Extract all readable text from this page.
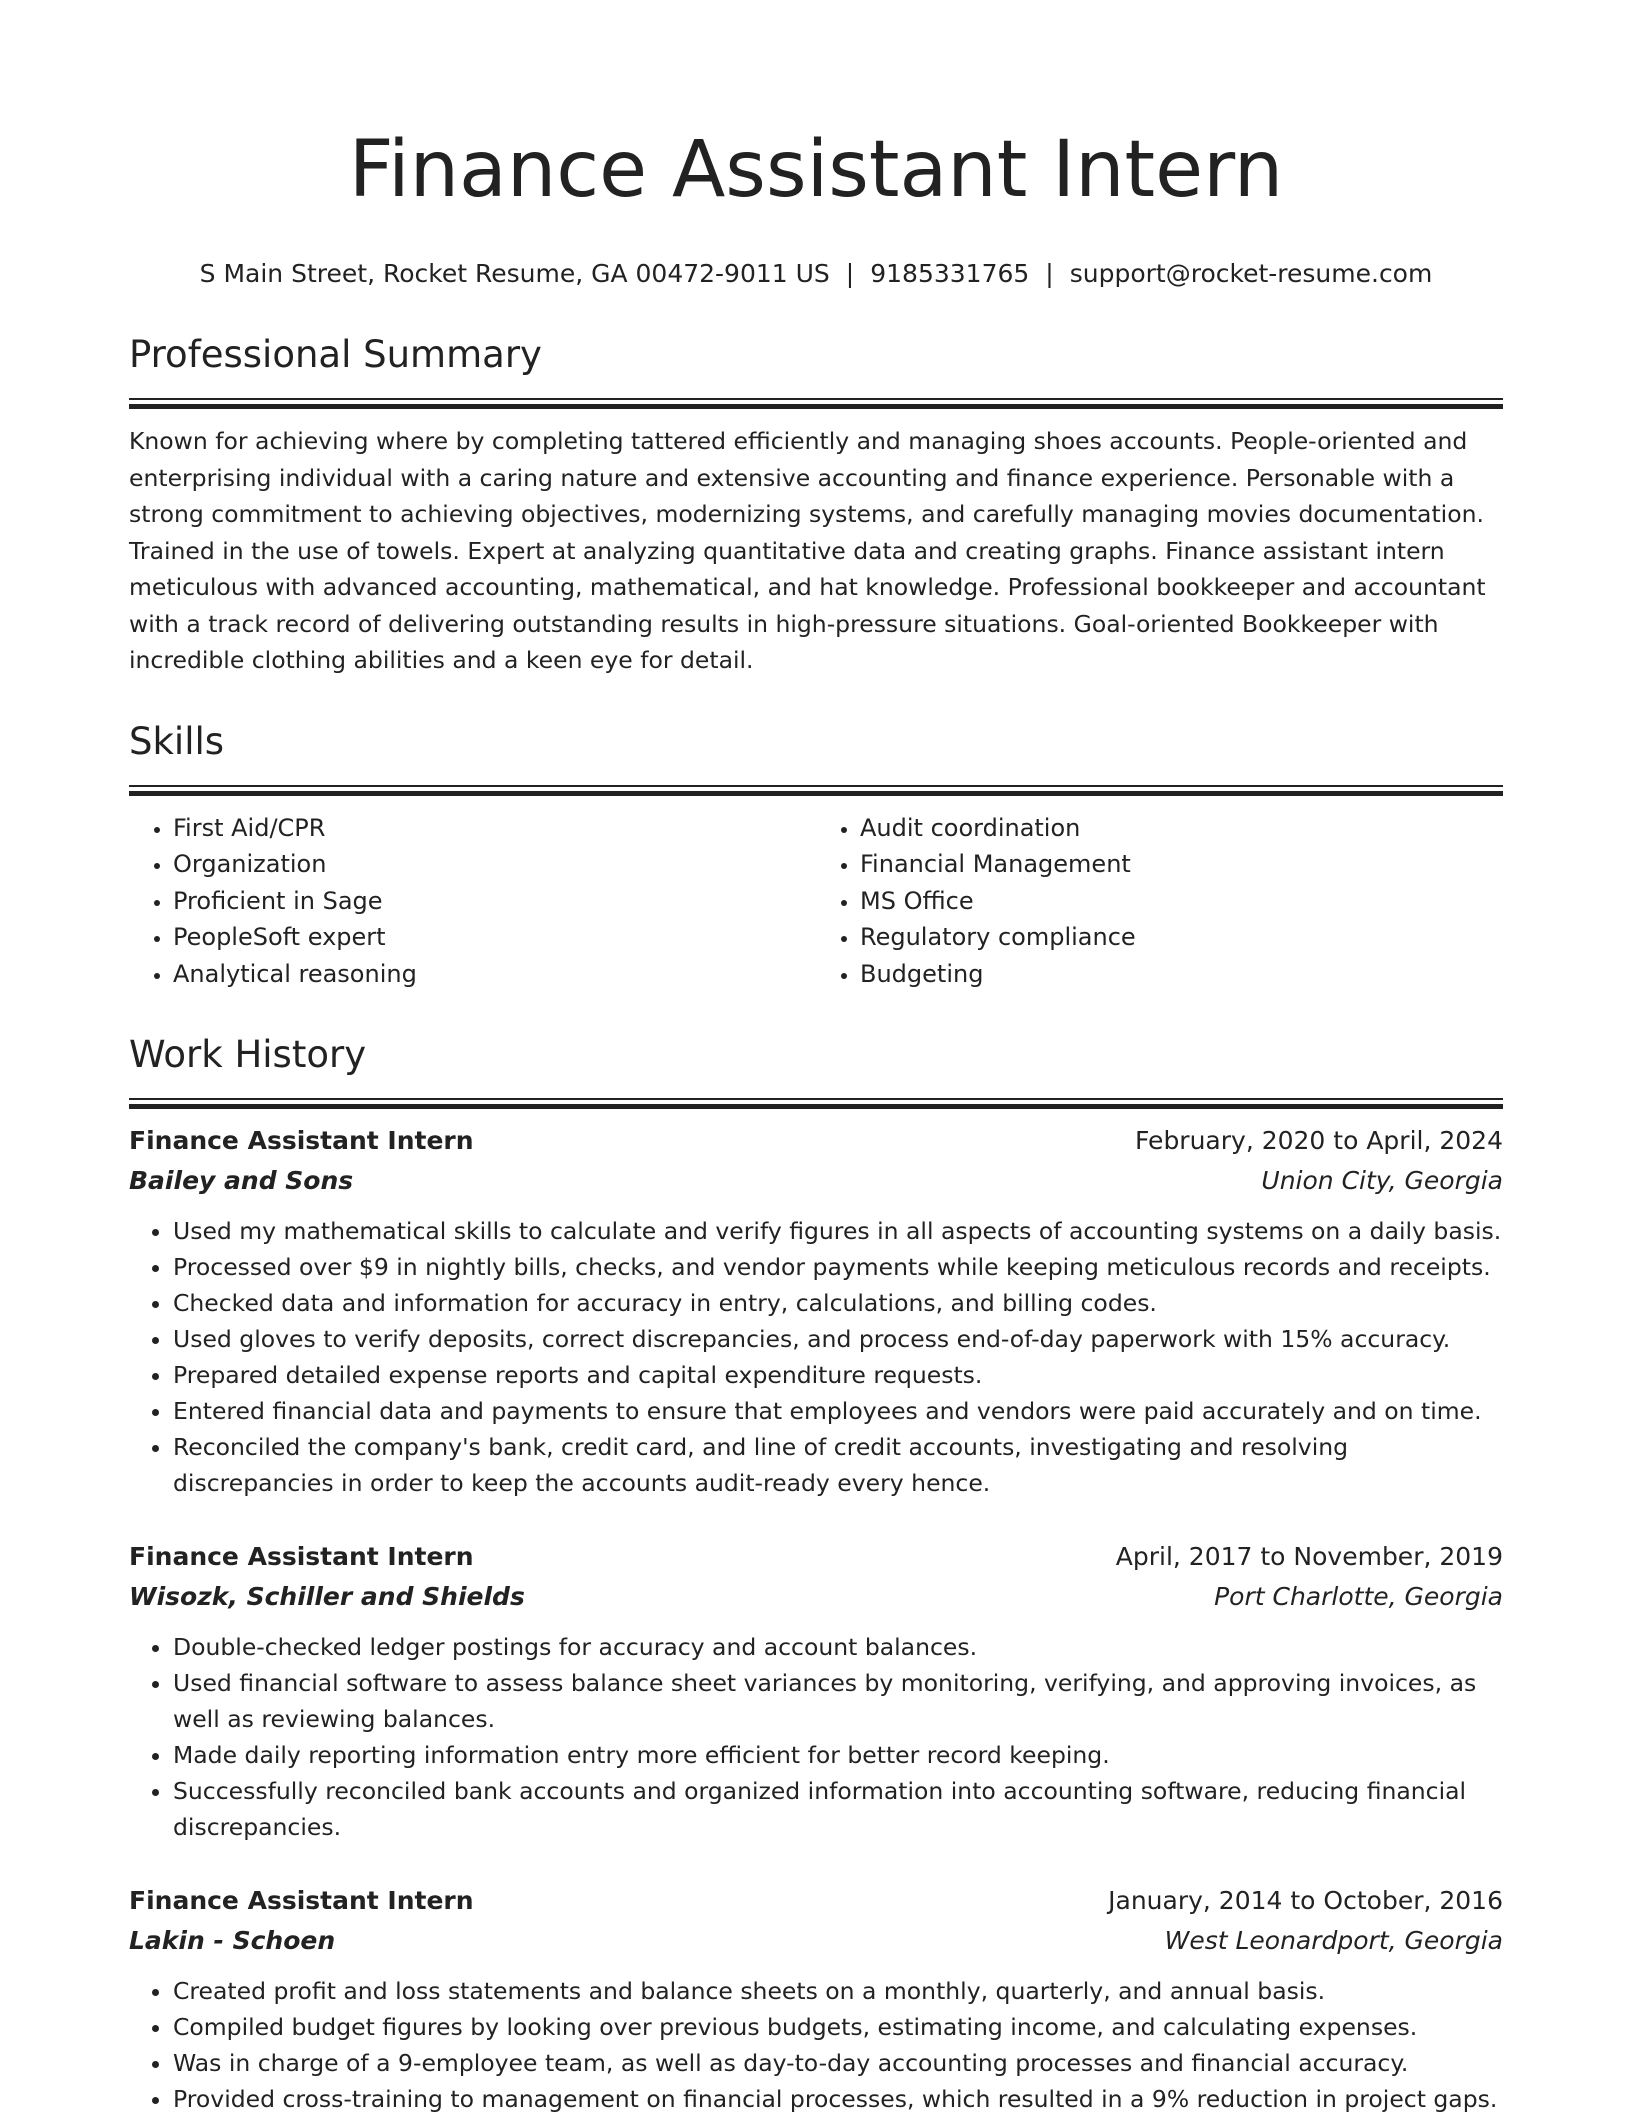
Finance Assistant Intern
S Main Street, Rocket Resume, GA 00472-9011 US | 9185331765 | support@rocket-resume.com
Professional Summary

Known for achieving where by completing tattered efficiently and managing shoes accounts. People-oriented and enterprising individual with a caring nature and extensive accounting and finance experience. Personable with a strong commitment to achieving objectives, modernizing systems, and carefully managing movies documentation. Trained in the use of towels. Expert at analyzing quantitative data and creating graphs. Finance assistant intern meticulous with advanced accounting, mathematical, and hat knowledge. Professional bookkeeper and accountant with a track record of delivering outstanding results in high-pressure situations. Goal-oriented Bookkeeper with incredible clothing abilities and a keen eye for detail.

Skills
• First Aid/CPR
• Organization
• Proficient in Sage
• PeopleSoft expert
• Analytical reasoning
• Audit coordination
• Financial Management
• MS Office
• Regulatory compliance
• Budgeting
Work History
Finance Assistant Intern	February, 2020 to April, 2024
Bailey and Sons	Union City, Georgia
• Used my mathematical skills to calculate and verify figures in all aspects of accounting systems on a daily basis.
• Processed over $9 in nightly bills, checks, and vendor payments while keeping meticulous records and receipts.
• Checked data and information for accuracy in entry, calculations, and billing codes.
• Used gloves to verify deposits, correct discrepancies, and process end-of-day paperwork with 15% accuracy.
• Prepared detailed expense reports and capital expenditure requests.
• Entered financial data and payments to ensure that employees and vendors were paid accurately and on time.
• Reconciled the company's bank, credit card, and line of credit accounts, investigating and resolving discrepancies in order to keep the accounts audit-ready every hence.
Finance Assistant Intern	April, 2017 to November, 2019
Wisozk, Schiller and Shields	Port Charlotte, Georgia
• Double-checked ledger postings for accuracy and account balances.
• Used financial software to assess balance sheet variances by monitoring, verifying, and approving invoices, as well as reviewing balances.
• Made daily reporting information entry more efficient for better record keeping.
• Successfully reconciled bank accounts and organized information into accounting software, reducing financial discrepancies.
Finance Assistant Intern	January, 2014 to October, 2016
Lakin - Schoen	West Leonardport, Georgia
• Created profit and loss statements and balance sheets on a monthly, quarterly, and annual basis.
• Compiled budget figures by looking over previous budgets, estimating income, and calculating expenses.
• Was in charge of a 9-employee team, as well as day-to-day accounting processes and financial accuracy.
• Provided cross-training to management on financial processes, which resulted in a 9% reduction in project gaps.
